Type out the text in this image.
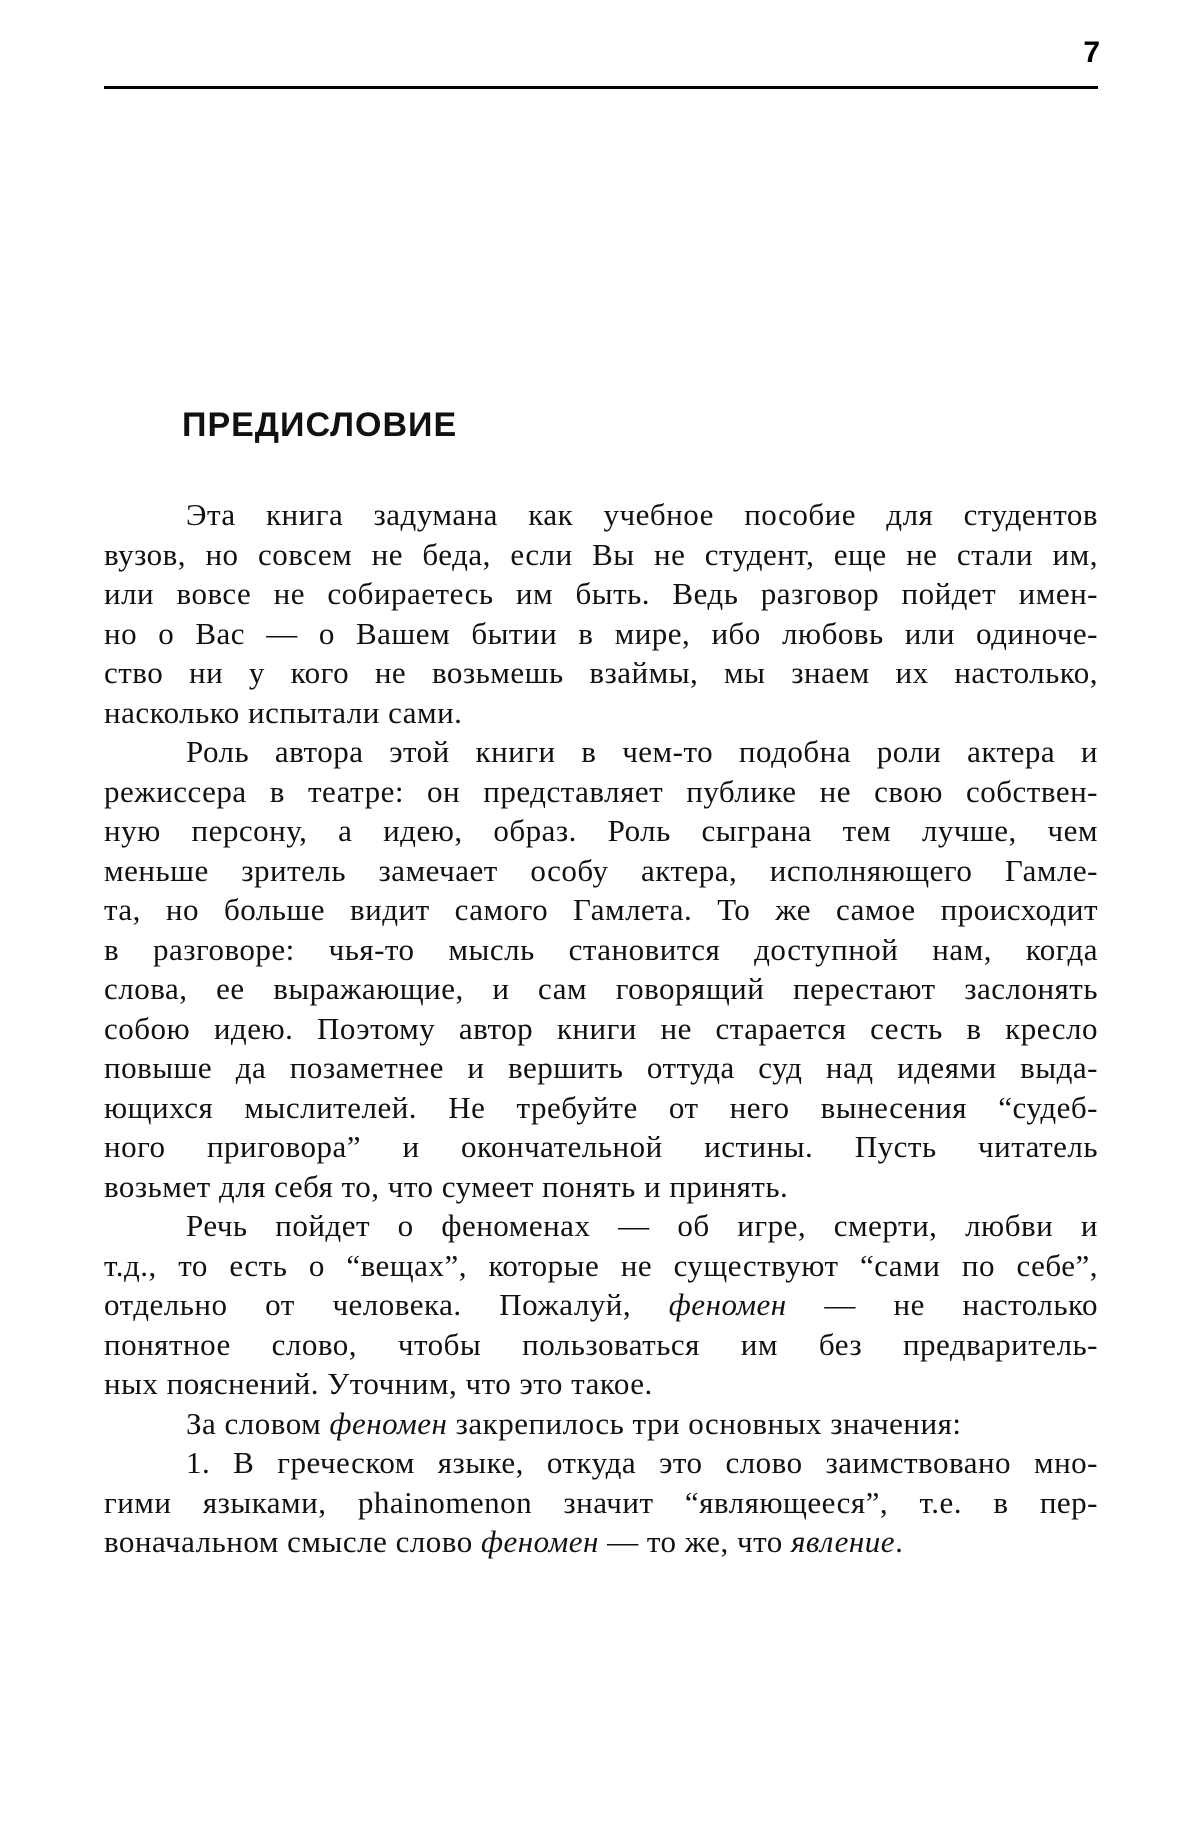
7
ПРЕДИСЛОВИЕ
Эта книга задумана как учебное пособие для студентов
вузов, но совсем не беда, если Вы не студент, еще не стали им,
или вовсе не собираетесь им быть. Ведь разговор пойдет имен-
но о Вас — о Вашем бытии в мире, ибо любовь или одиноче-
ство ни у кого не возьмешь взаймы, мы знаем их настолько,
насколько испытали сами.
Роль автора этой книги в чем-то подобна роли актера и
режиссера в театре: он представляет публике не свою собствен-
ную персону, а идею, образ. Роль сыграна тем лучше, чем
меньше зритель замечает особу актера, исполняющего Гамле-
та, но больше видит самого Гамлета. То же самое происходит
в разговоре: чья-то мысль становится доступной нам, когда
слова, ее выражающие, и сам говорящий перестают заслонять
собою идею. Поэтому автор книги не старается сесть в кресло
повыше да позаметнее и вершить оттуда суд над идеями выда-
ющихся мыслителей. Не требуйте от него вынесения “судеб-
ного приговора” и окончательной истины. Пусть читатель
возьмет для себя то, что сумеет понять и принять.
Речь пойдет о феноменах — об игре, смерти, любви и
т.д., то есть о “вещах”, которые не существуют “сами по себе”,
отдельно от человека. Пожалуй, феномен — не настолько
понятное слово, чтобы пользоваться им без предваритель-
ных пояснений. Уточним, что это такое.
За словом феномен закрепилось три основных значения:
1. В греческом языке, откуда это слово заимствовано мно-
гими языками, phainomenon значит “являющееся”, т.е. в пер-
воначальном смысле слово феномен — то же, что явление.
